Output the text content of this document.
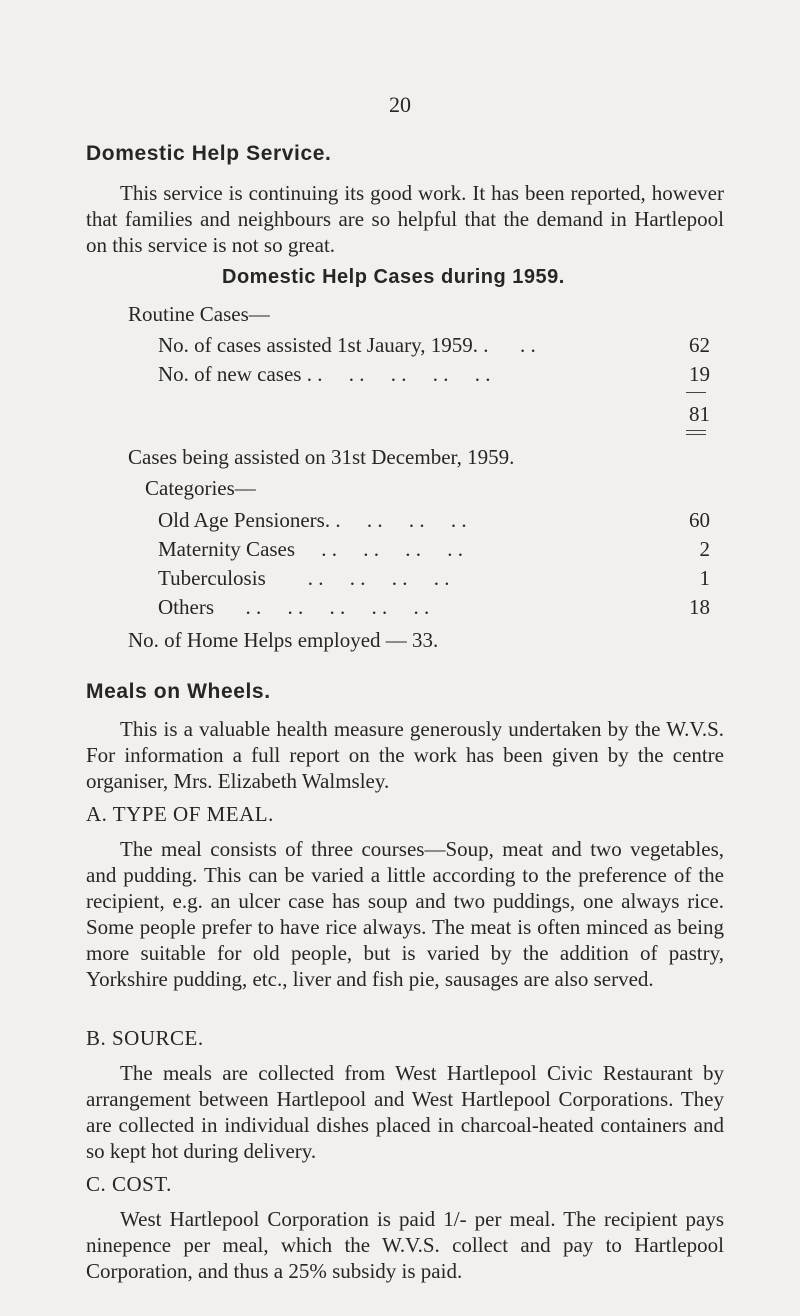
20
Domestic Help Service.

This service is continuing its good work. It has been reported, however that families and neighbours are so helpful that the demand in Hartlepool on this service is not so great.

Domestic Help Cases during 1959.
Routine Cases—
No. of cases assisted 1st Jauary, 1959. .      . .	62
No. of new cases . .     . .     . .     . .     . .	19
81
Cases being assisted on 31st December, 1959.
Categories—
Old Age Pensioners. .     . .     . .     . .	60
Maternity Cases     . .     . .     . .     . .	2
Tuberculosis        . .     . .     . .     . .	1
Others      . .     . .     . .     . .     . .	18
No. of Home Helps employed — 33.
Meals on Wheels.

This is a valuable health measure generously undertaken by the W.V.S. For information a full report on the work has been given by the centre organiser, Mrs. Elizabeth Walmsley.

A. TYPE OF MEAL.

The meal consists of three courses—Soup, meat and two vegetables, and pudding. This can be varied a little according to the preference of the recipient, e.g. an ulcer case has soup and two puddings, one always rice. Some people prefer to have rice always. The meat is often minced as being more suitable for old people, but is varied by the addition of pastry, Yorkshire pudding, etc., liver and fish pie, sausages are also served.

B. SOURCE.

The meals are collected from West Hartlepool Civic Restaurant by arrangement between Hartlepool and West Hartlepool Corporations. They are collected in individual dishes placed in charcoal-heated containers and so kept hot during delivery.

C. COST.

West Hartlepool Corporation is paid 1/- per meal. The recipient pays ninepence per meal, which the W.V.S. collect and pay to Hartlepool Corporation, and thus a 25% subsidy is paid.
